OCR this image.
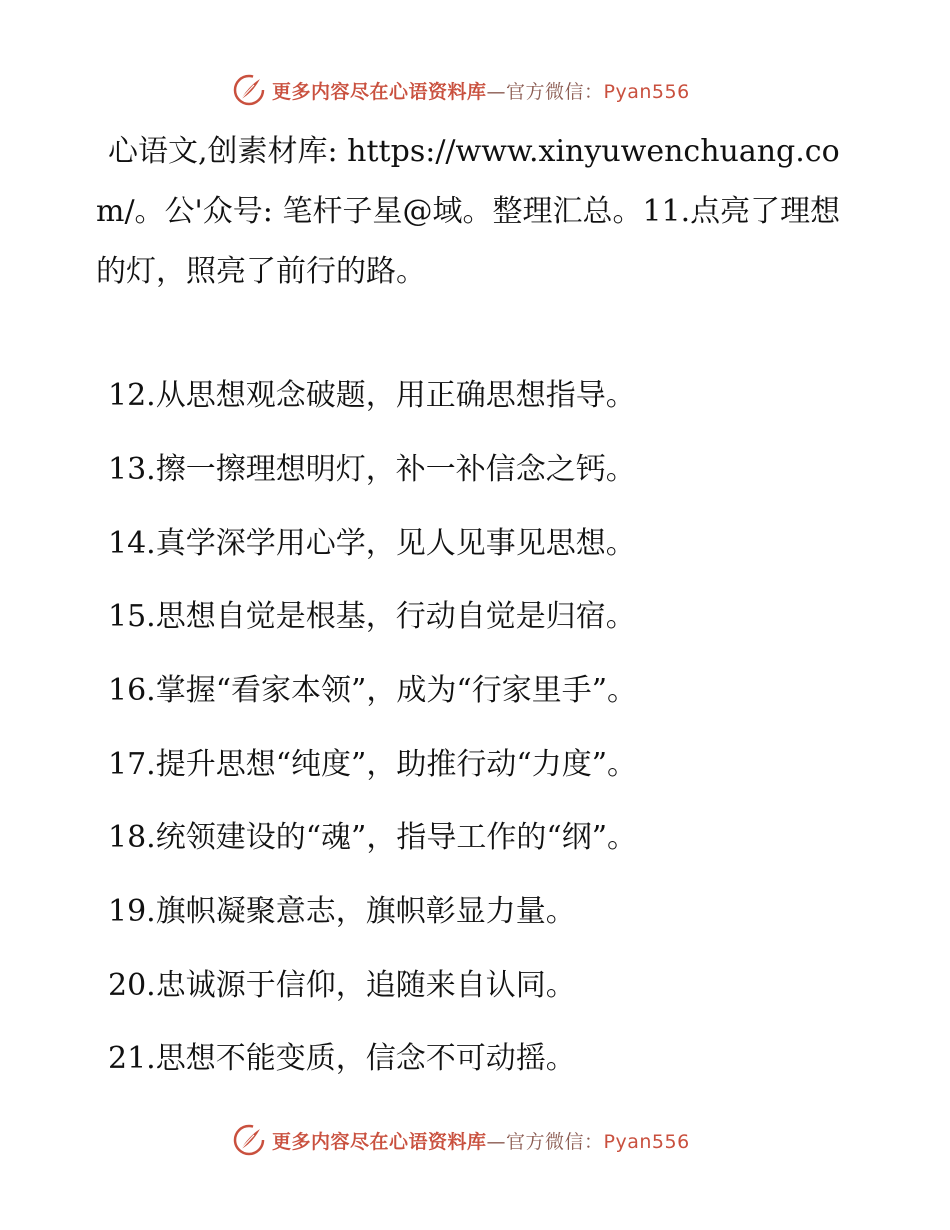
更多内容尽在心语资料库—官方微信：Pyan556

心语文,创素材库: https://www.xinyuwenchuang.com/。公'众号: 笔杆子星@域。整理汇总。11.点亮了理想的灯，照亮了前行的路。

12.从思想观念破题，用正确思想指导。
13.擦一擦理想明灯，补一补信念之钙。
14.真学深学用心学，见人见事见思想。
15.思想自觉是根基，行动自觉是归宿。
16.掌握“看家本领”，成为“行家里手”。
17.提升思想“纯度”，助推行动“力度”。
18.统领建设的“魂”，指导工作的“纲”。
19.旗帜凝聚意志，旗帜彰显力量。
20.忠诚源于信仰，追随来自认同。
21.思想不能变质，信念不可动摇。
更多内容尽在心语资料库—官方微信：Pyan556
